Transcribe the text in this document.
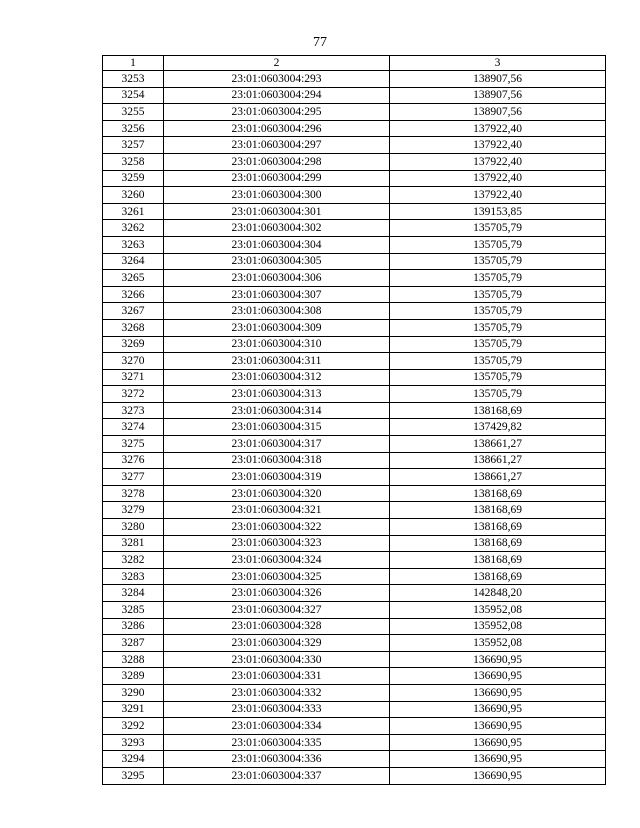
77
1	2	3
3253	23:01:0603004:293	138907,56
3254	23:01:0603004:294	138907,56
3255	23:01:0603004:295	138907,56
3256	23:01:0603004:296	137922,40
3257	23:01:0603004:297	137922,40
3258	23:01:0603004:298	137922,40
3259	23:01:0603004:299	137922,40
3260	23:01:0603004:300	137922,40
3261	23:01:0603004:301	139153,85
3262	23:01:0603004:302	135705,79
3263	23:01:0603004:304	135705,79
3264	23:01:0603004:305	135705,79
3265	23:01:0603004:306	135705,79
3266	23:01:0603004:307	135705,79
3267	23:01:0603004:308	135705,79
3268	23:01:0603004:309	135705,79
3269	23:01:0603004:310	135705,79
3270	23:01:0603004:311	135705,79
3271	23:01:0603004:312	135705,79
3272	23:01:0603004:313	135705,79
3273	23:01:0603004:314	138168,69
3274	23:01:0603004:315	137429,82
3275	23:01:0603004:317	138661,27
3276	23:01:0603004:318	138661,27
3277	23:01:0603004:319	138661,27
3278	23:01:0603004:320	138168,69
3279	23:01:0603004:321	138168,69
3280	23:01:0603004:322	138168,69
3281	23:01:0603004:323	138168,69
3282	23:01:0603004:324	138168,69
3283	23:01:0603004:325	138168,69
3284	23:01:0603004:326	142848,20
3285	23:01:0603004:327	135952,08
3286	23:01:0603004:328	135952,08
3287	23:01:0603004:329	135952,08
3288	23:01:0603004:330	136690,95
3289	23:01:0603004:331	136690,95
3290	23:01:0603004:332	136690,95
3291	23:01:0603004:333	136690,95
3292	23:01:0603004:334	136690,95
3293	23:01:0603004:335	136690,95
3294	23:01:0603004:336	136690,95
3295	23:01:0603004:337	136690,95
